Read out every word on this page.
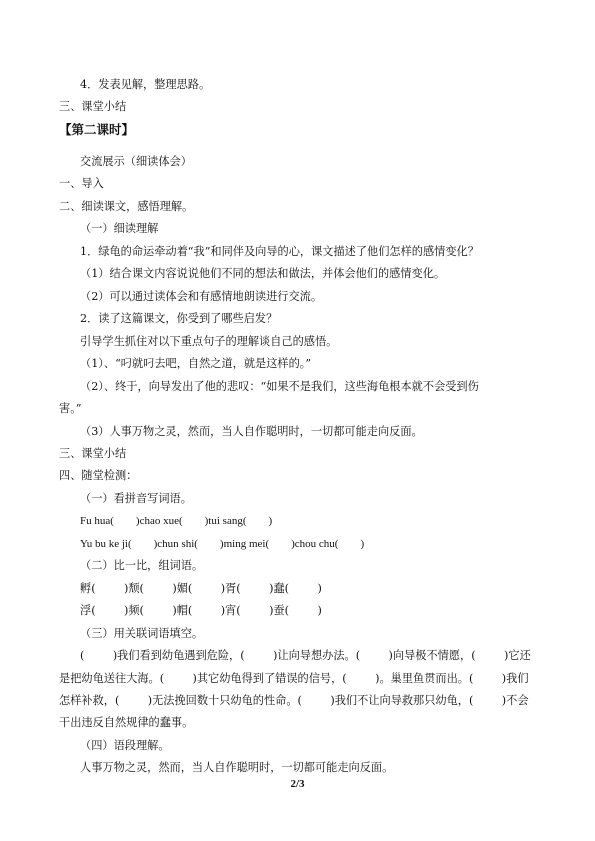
4．发表见解，整理思路。
三、课堂小结
【第二课时】
交流展示（细读体会）
一、导入
二、细读课文，感悟理解。
（一）细读理解
1．绿龟的命运牵动着“我”和同伴及向导的心，课文描述了他们怎样的感情变化？
（1）结合课文内容说说他们不同的想法和做法，并体会他们的感情变化。
（2）可以通过读体会和有感情地朗读进行交流。
2．读了这篇课文，你受到了哪些启发？
引导学生抓住对以下重点句子的理解谈自己的感悟。
（1）、“叼就叼去吧，自然之道，就是这样的。”
（2）、终于，向导发出了他的悲叹：“如果不是我们，这些海龟根本就不会受到伤
害。”
（3）人事万物之灵，然而，当人自作聪明时，一切都可能走向反面。
三、课堂小结
四、随堂检测：
（一）看拼音写词语。
Fu hua(        )chao xue(        )tui sang(        )
Yu bu ke ji(        )chun shi(        )ming mei(        )chou chu(        )
（二）比一比，组词语。
孵(        )颓(        )媚(        )胥(        )蠢(        )
浮(        )频(        )帽(        )宵(        )蚕(        )
（三）用关联词语填空。
(        )我们看到幼龟遇到危险，(        )让向导想办法。(        )向导极不情愿，(        )它还
是把幼龟送往大海。(        )其它幼龟得到了错误的信号，(        )。巢里鱼贯而出。(        )我们
怎样补救，(        )无法挽回数十只幼龟的性命。(        )我们不让向导救那只幼龟，(        )不会
干出违反自然规律的蠢事。
（四）语段理解。
人事万物之灵，然而，当人自作聪明时，一切都可能走向反面。
2/3
